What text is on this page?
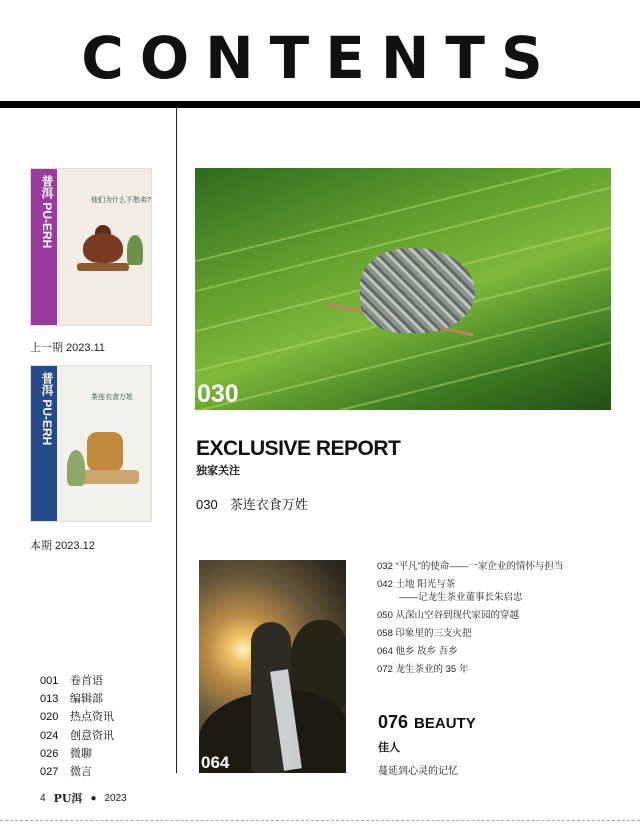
CONTENTS
普洱 PU-ERH	他们为什么不愁卖?
上一期 2023.11
普洱 PU-ERH	茶连衣食万姓
本期 2023.12
001 卷首语
013 编辑部
020 热点资讯
024 创意资讯
026 微聊
027 微言
4 PU洱 ● 2023
030
EXCLUSIVE REPORT
独家关注
030 茶连衣食万姓
064
032 “平凡”的使命——一家企业的情怀与担当
042 土地 阳光与茶
——记龙生茶业董事长朱启忠
050 从深山空谷到现代家园的穿越
058 印象里的三支火把
064 他乡 故乡 吾乡
072 龙生茶业的 35 年
076 BEAUTY
佳人
蔓延到心灵的记忆
